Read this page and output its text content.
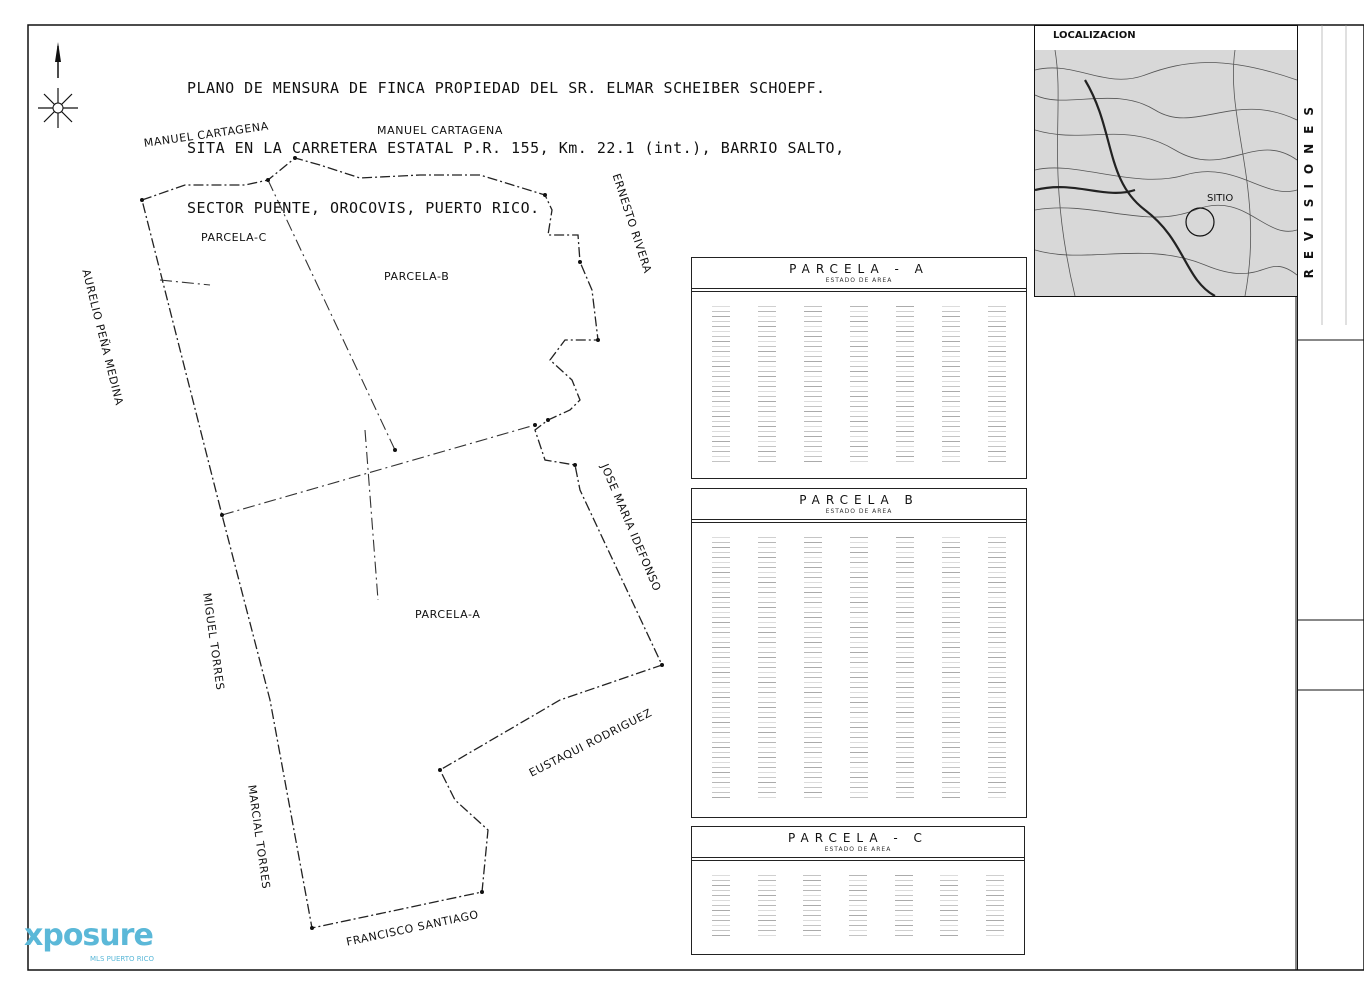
PLANO DE MENSURA DE FINCA PROPIEDAD DEL SR. ELMAR SCHEIBER SCHOEPF.

SITA EN LA CARRETERA ESTATAL P.R. 155, Km. 22.1 (int.), BARRIO SALTO,

SECTOR PUENTE, OROCOVIS, PUERTO RICO.

MANUEL CARTAGENA	MANUEL CARTAGENA
ERNESTO RIVERA
AURELIO PEÑA MEDINA
JOSE MARIA IDEFONSO
MIGUEL TORRES
EUSTAQUI RODRIGUEZ
MARCIAL TORRES
FRANCISCO SANTIAGO
PARCELA-C
PARCELA-B
PARCELA-A
PARCELA - A
ESTADO DE AREA
PARCELA B
ESTADO DE AREA
PARCELA - C
ESTADO DE AREA
LOCALIZACION
SITIO	REVISIONES
xposure
MLS PUERTO RICO
